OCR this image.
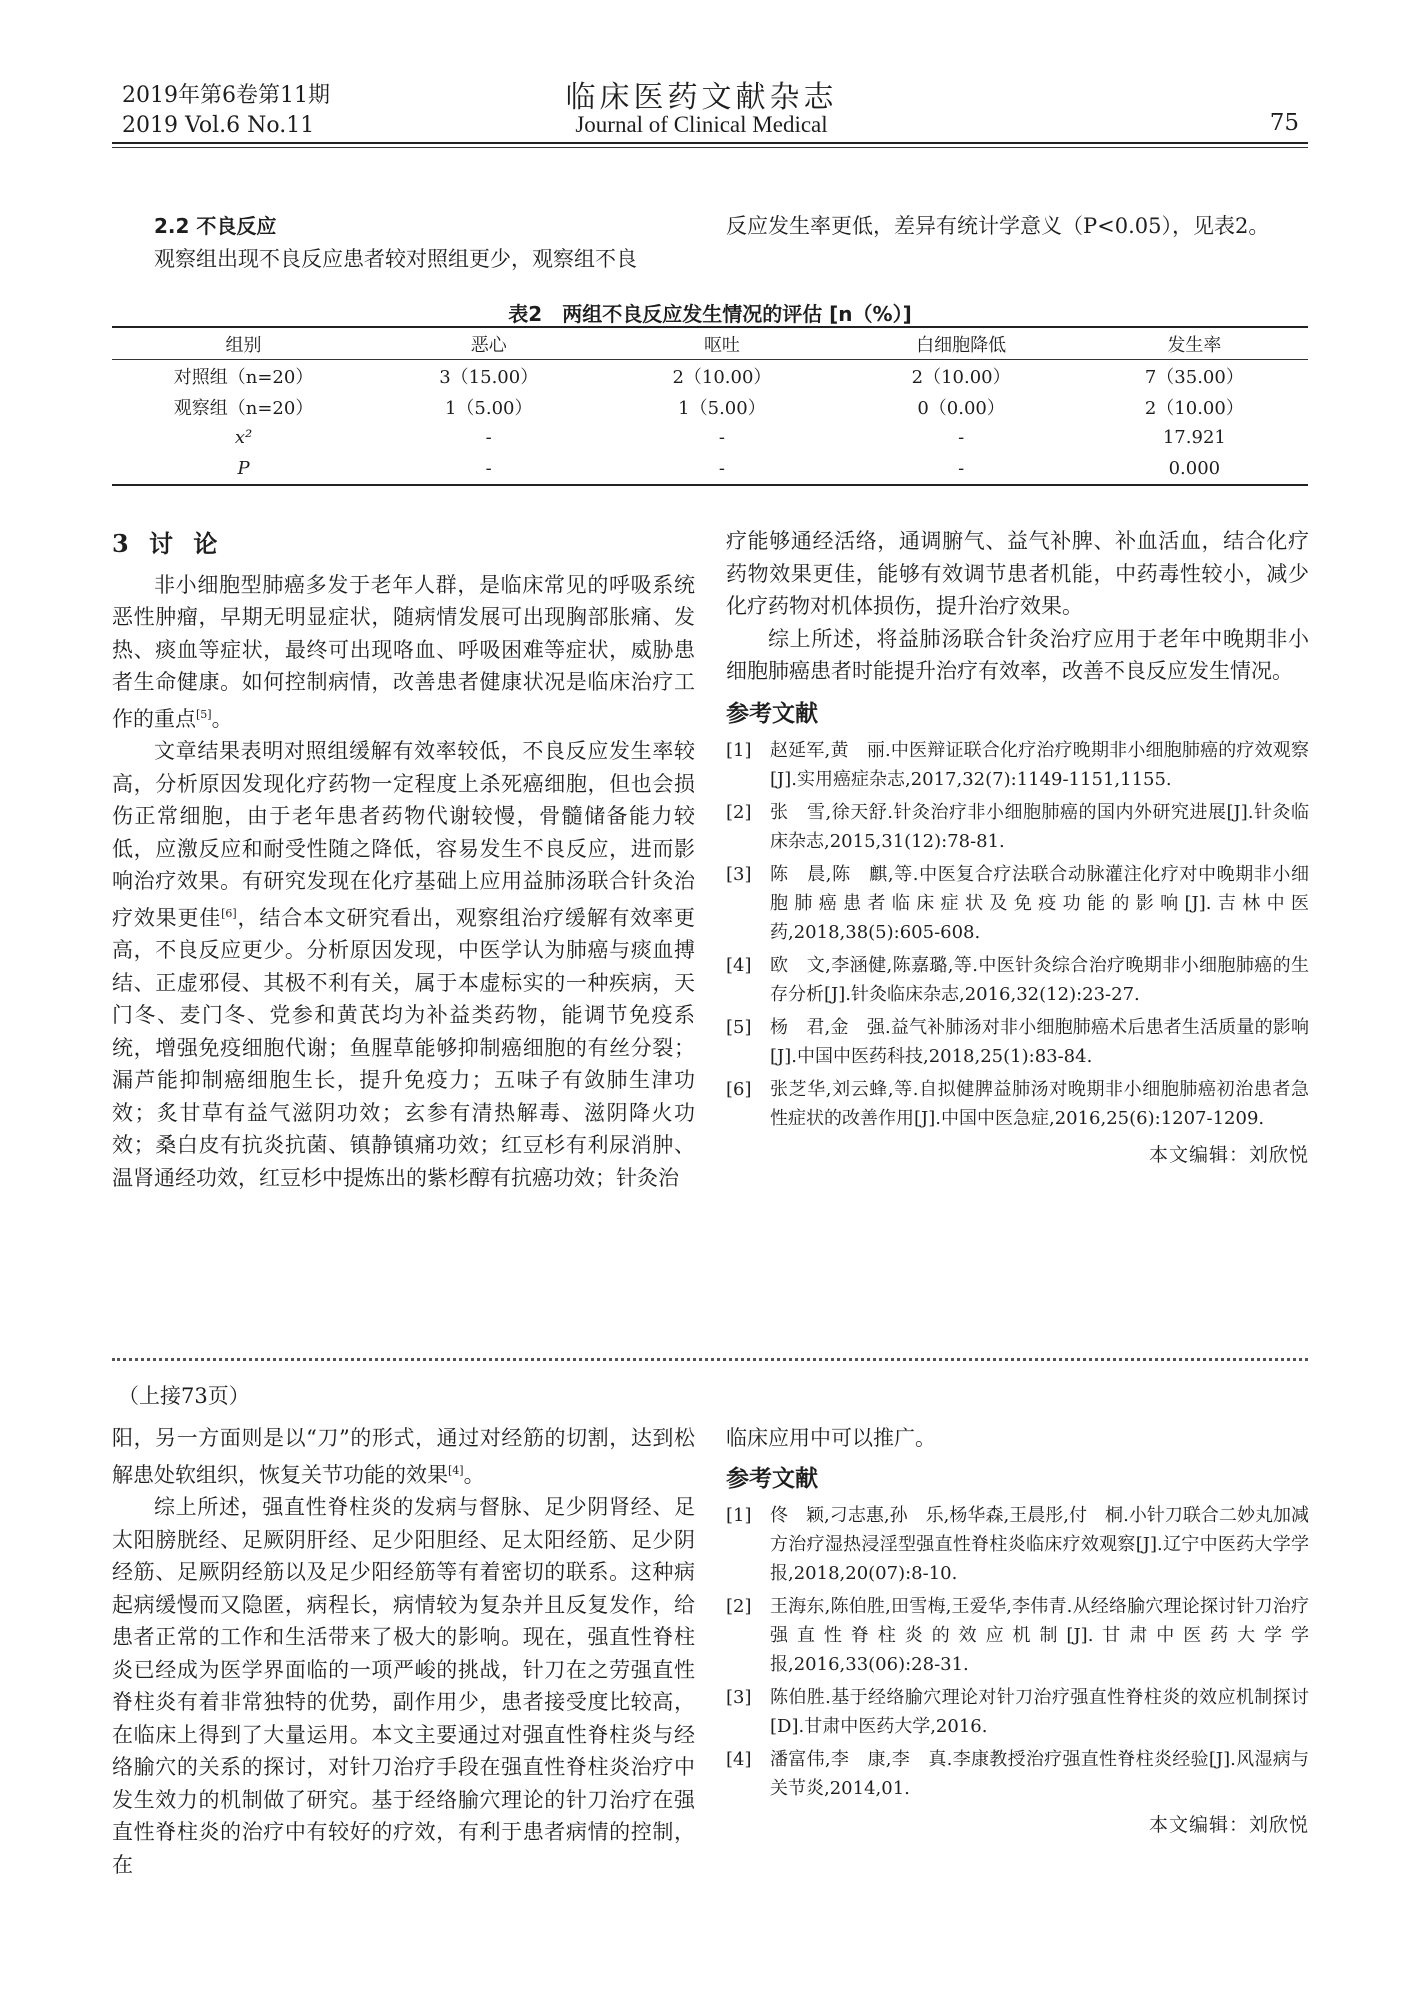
2019年第6卷第11期
2019 Vol.6 No.11
临床医药文献杂志
Journal of Clinical Medical	75
2.2 不良反应

观察组出现不良反应患者较对照组更少，观察组不良

反应发生率更低，差异有统计学意义（P<0.05），见表2。

表2　两组不良反应发生情况的评估 [n（%）]
组别	恶心	呕吐	白细胞降低	发生率
对照组（n=20）	3（15.00）	2（10.00）	2（10.00）	7（35.00）
观察组（n=20）	1（5.00）	1（5.00）	0（0.00）	2（10.00）
x²	-	-	-	17.921
P	-	-	-	0.000
3 讨 论

非小细胞型肺癌多发于老年人群，是临床常见的呼吸系统恶性肿瘤，早期无明显症状，随病情发展可出现胸部胀痛、发热、痰血等症状，最终可出现咯血、呼吸困难等症状，威胁患者生命健康。如何控制病情，改善患者健康状况是临床治疗工作的重点[5]。

文章结果表明对照组缓解有效率较低，不良反应发生率较高，分析原因发现化疗药物一定程度上杀死癌细胞，但也会损伤正常细胞，由于老年患者药物代谢较慢，骨髓储备能力较低，应激反应和耐受性随之降低，容易发生不良反应，进而影响治疗效果。有研究发现在化疗基础上应用益肺汤联合针灸治疗效果更佳[6]，结合本文研究看出，观察组治疗缓解有效率更高，不良反应更少。分析原因发现，中医学认为肺癌与痰血搏结、正虚邪侵、其极不利有关，属于本虚标实的一种疾病，天门冬、麦门冬、党参和黄芪均为补益类药物，能调节免疫系统，增强免疫细胞代谢；鱼腥草能够抑制癌细胞的有丝分裂；漏芦能抑制癌细胞生长，提升免疫力；五味子有敛肺生津功效；炙甘草有益气滋阴功效；玄参有清热解毒、滋阴降火功效；桑白皮有抗炎抗菌、镇静镇痛功效；红豆杉有利尿消肿、温肾通经功效，红豆杉中提炼出的紫杉醇有抗癌功效；针灸治

疗能够通经活络，通调腑气、益气补脾、补血活血，结合化疗药物效果更佳，能够有效调节患者机能，中药毒性较小，减少化疗药物对机体损伤，提升治疗效果。

综上所述，将益肺汤联合针灸治疗应用于老年中晚期非小细胞肺癌患者时能提升治疗有效率，改善不良反应发生情况。

参考文献
[1]	赵延军,黄　丽.中医辩证联合化疗治疗晚期非小细胞肺癌的疗效观察[J].实用癌症杂志,2017,32(7):1149-1151,1155.
[2]	张　雪,徐天舒.针灸治疗非小细胞肺癌的国内外研究进展[J].针灸临床杂志,2015,31(12):78-81.
[3]	陈　晨,陈　麒,等.中医复合疗法联合动脉灌注化疗对中晚期非小细胞肺癌患者临床症状及免疫功能的影响[J].吉林中医药,2018,38(5):605-608.
[4]	欧　文,李涵健,陈嘉璐,等.中医针灸综合治疗晚期非小细胞肺癌的生存分析[J].针灸临床杂志,2016,32(12):23-27.
[5]	杨　君,金　强.益气补肺汤对非小细胞肺癌术后患者生活质量的影响[J].中国中医药科技,2018,25(1):83-84.
[6]	张芝华,刘云蜂,等.自拟健脾益肺汤对晚期非小细胞肺癌初治患者急性症状的改善作用[J].中国中医急症,2016,25(6):1207-1209.
本文编辑：刘欣悦
（上接73页）

阳，另一方面则是以“刀”的形式，通过对经筋的切割，达到松解患处软组织，恢复关节功能的效果[4]。

综上所述，强直性脊柱炎的发病与督脉、足少阴肾经、足太阳膀胱经、足厥阴肝经、足少阳胆经、足太阳经筋、足少阴经筋、足厥阴经筋以及足少阳经筋等有着密切的联系。这种病起病缓慢而又隐匿，病程长，病情较为复杂并且反复发作，给患者正常的工作和生活带来了极大的影响。现在，强直性脊柱炎已经成为医学界面临的一项严峻的挑战，针刀在之劳强直性脊柱炎有着非常独特的优势，副作用少，患者接受度比较高，在临床上得到了大量运用。本文主要通过对强直性脊柱炎与经络腧穴的关系的探讨，对针刀治疗手段在强直性脊柱炎治疗中发生效力的机制做了研究。基于经络腧穴理论的针刀治疗在强直性脊柱炎的治疗中有较好的疗效，有利于患者病情的控制，在

临床应用中可以推广。

参考文献
[1]	佟　颖,刁志惠,孙　乐,杨华森,王晨彤,付　桐.小针刀联合二妙丸加减方治疗湿热浸淫型强直性脊柱炎临床疗效观察[J].辽宁中医药大学学报,2018,20(07):8-10.
[2]	王海东,陈伯胜,田雪梅,王爱华,李伟青.从经络腧穴理论探讨针刀治疗强直性脊柱炎的效应机制[J].甘肃中医药大学学报,2016,33(06):28-31.
[3]	陈伯胜.基于经络腧穴理论对针刀治疗强直性脊柱炎的效应机制探讨[D].甘肃中医药大学,2016.
[4]	潘富伟,李　康,李　真.李康教授治疗强直性脊柱炎经验[J].风湿病与关节炎,2014,01.
本文编辑：刘欣悦
